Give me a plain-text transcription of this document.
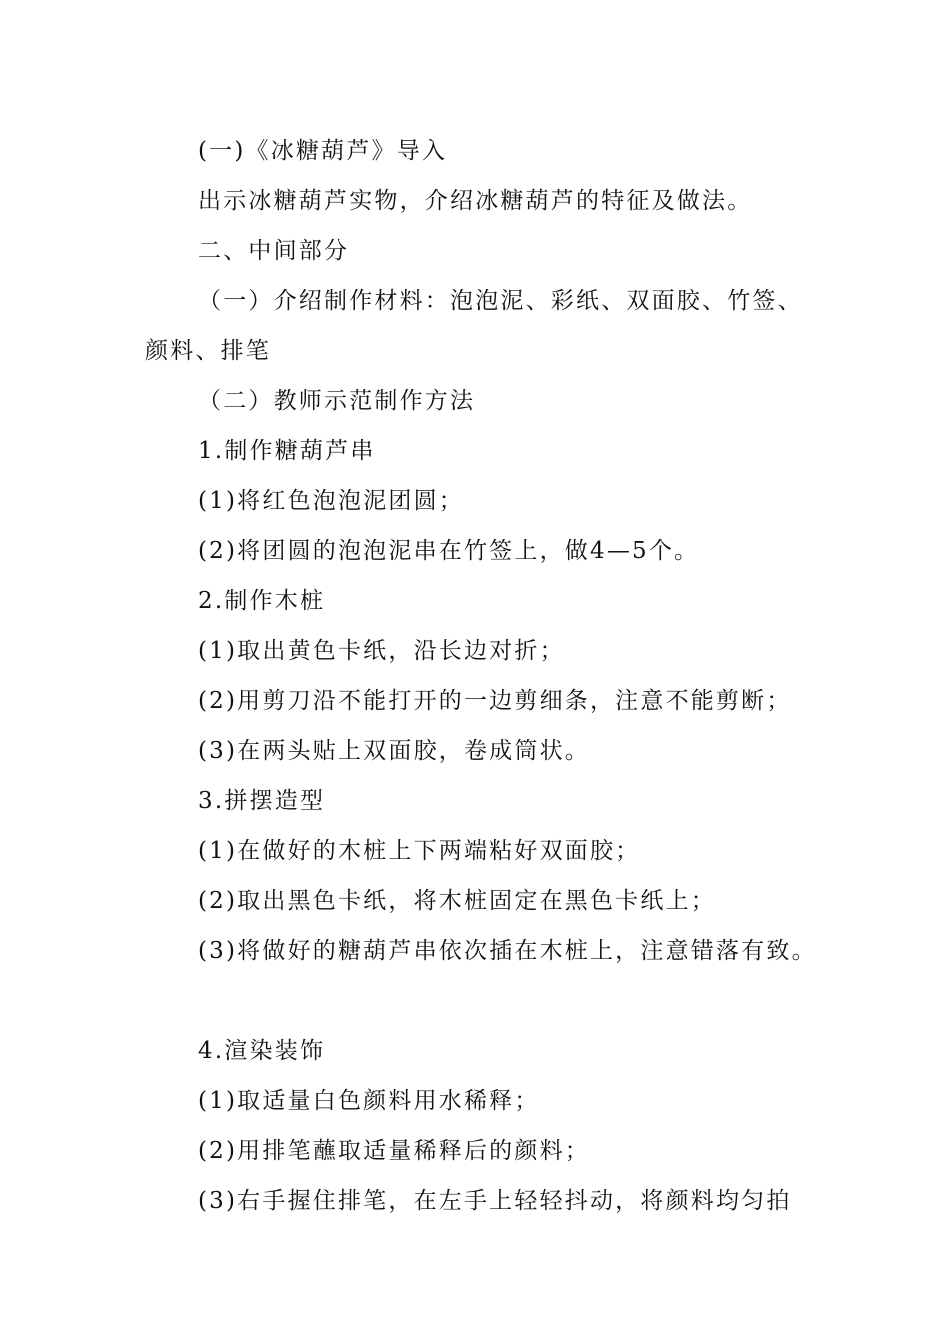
(一)《冰糖葫芦》导入
出示冰糖葫芦实物，介绍冰糖葫芦的特征及做法。
二、中间部分
（一）介绍制作材料：泡泡泥、彩纸、双面胶、竹签、
颜料、排笔
（二）教师示范制作方法
1.制作糖葫芦串
(1)将红色泡泡泥团圆；
(2)将团圆的泡泡泥串在竹签上，做4—5个。
2.制作木桩
(1)取出黄色卡纸，沿长边对折；
(2)用剪刀沿不能打开的一边剪细条，注意不能剪断；
(3)在两头贴上双面胶，卷成筒状。
3.拼摆造型
(1)在做好的木桩上下两端粘好双面胶；
(2)取出黑色卡纸，将木桩固定在黑色卡纸上；
(3)将做好的糖葫芦串依次插在木桩上，注意错落有致。
4.渲染装饰
(1)取适量白色颜料用水稀释；
(2)用排笔蘸取适量稀释后的颜料；
(3)右手握住排笔，在左手上轻轻抖动，将颜料均匀拍
